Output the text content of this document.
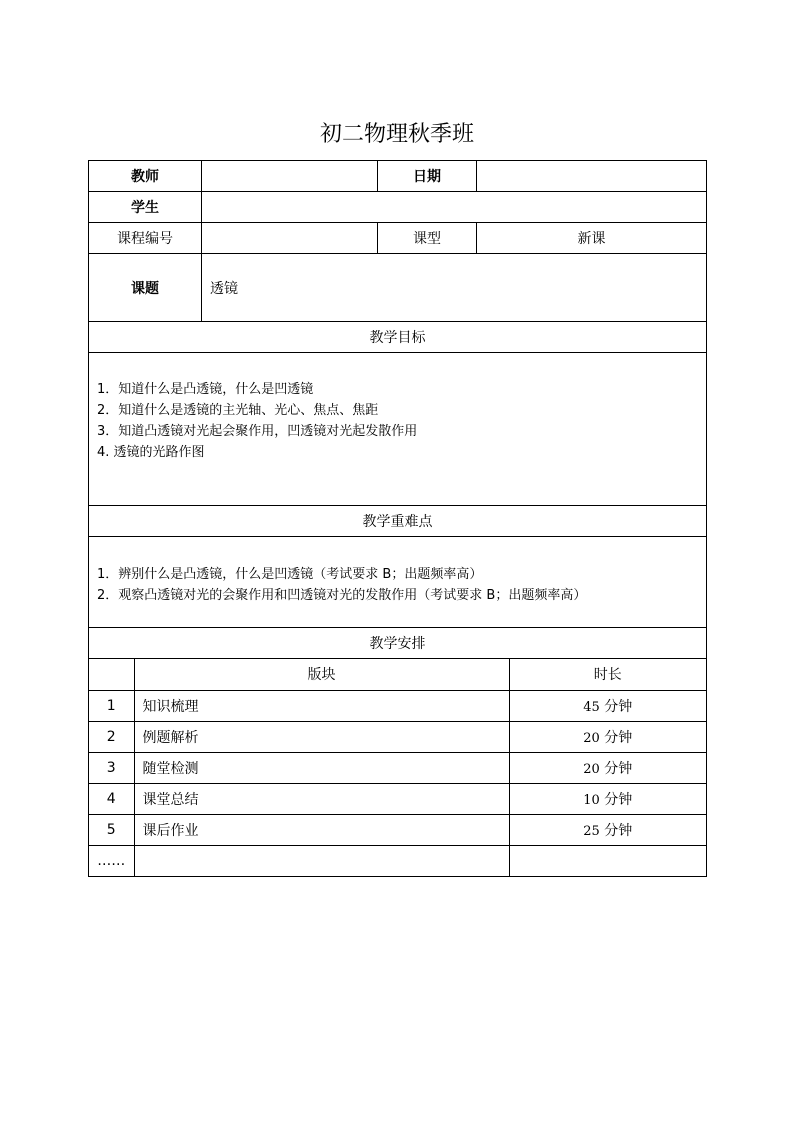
初二物理秋季班
教师		日期	
学生	
课程编号		课型	新课
课题	透镜
教学目标

1．知道什么是凸透镜，什么是凹透镜
2．知道什么是透镜的主光轴、光心、焦点、焦距
3．知道凸透镜对光起会聚作用，凹透镜对光起发散作用
4. 透镜的光路作图

教学重难点

1．辨别什么是凸透镜，什么是凹透镜（考试要求 B；出题频率高）
2．观察凸透镜对光的会聚作用和凹透镜对光的发散作用（考试要求 B；出题频率高）

教学安排

	版块	时长
1	知识梳理	45 分钟
2	例题解析	20 分钟
3	随堂检测	20 分钟
4	课堂总结	10 分钟
5	课后作业	25 分钟
……		
